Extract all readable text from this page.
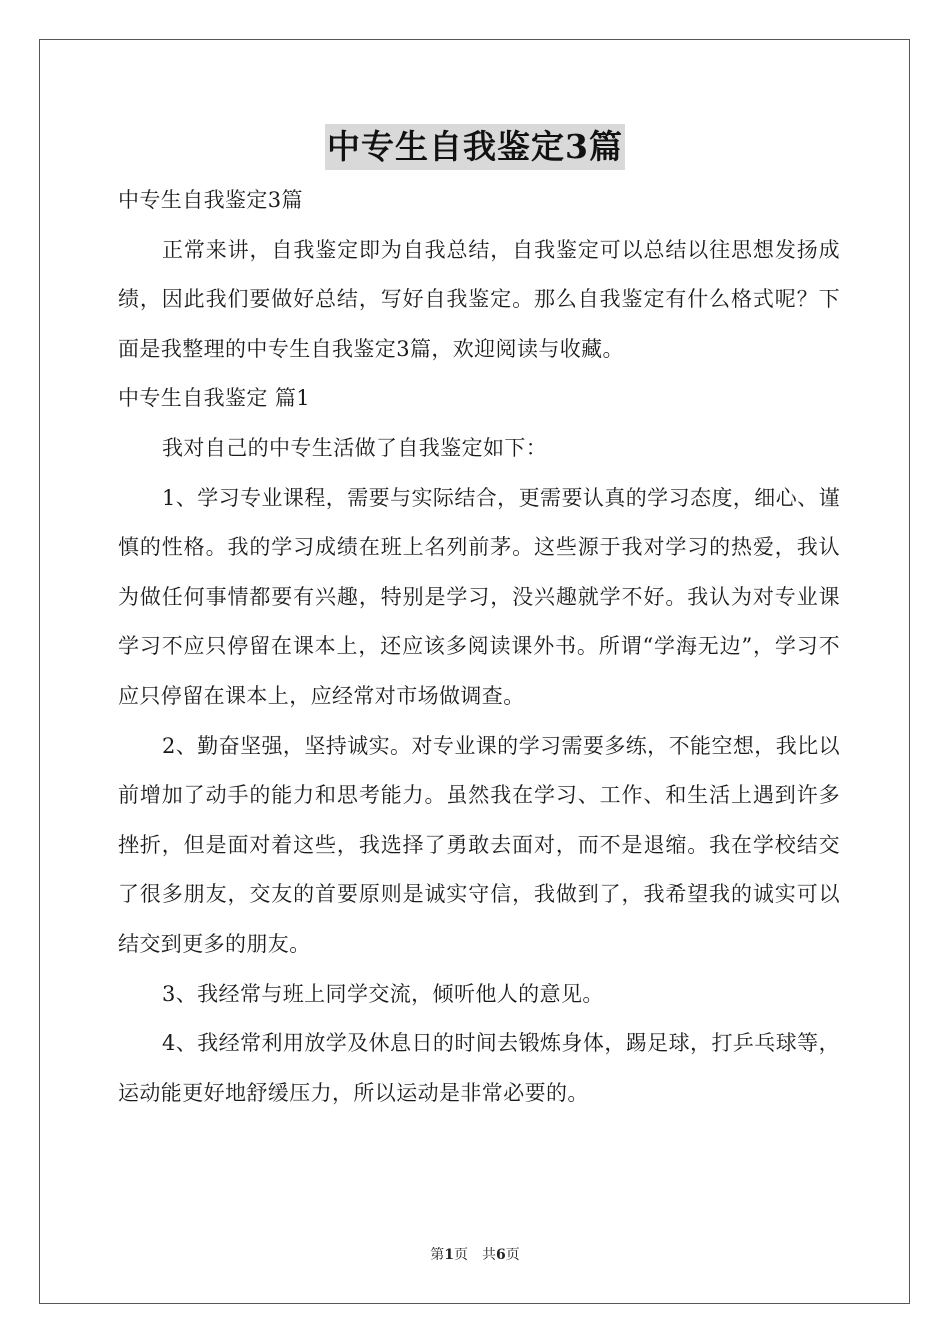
中专生自我鉴定3篇

中专生自我鉴定3篇

正常来讲，自我鉴定即为自我总结，自我鉴定可以总结以往思想发扬成绩，因此我们要做好总结，写好自我鉴定。那么自我鉴定有什么格式呢？下面是我整理的中专生自我鉴定3篇，欢迎阅读与收藏。

中专生自我鉴定 篇1

我对自己的中专生活做了自我鉴定如下：

1、学习专业课程，需要与实际结合，更需要认真的学习态度，细心、谨慎的性格。我的学习成绩在班上名列前茅。这些源于我对学习的热爱，我认为做任何事情都要有兴趣，特别是学习，没兴趣就学不好。我认为对专业课学习不应只停留在课本上，还应该多阅读课外书。所谓“学海无边”，学习不应只停留在课本上，应经常对市场做调查。

2、勤奋坚强，坚持诚实。对专业课的学习需要多练，不能空想，我比以前增加了动手的能力和思考能力。虽然我在学习、工作、和生活上遇到许多挫折，但是面对着这些，我选择了勇敢去面对，而不是退缩。我在学校结交了很多朋友，交友的首要原则是诚实守信，我做到了，我希望我的诚实可以结交到更多的朋友。

3、我经常与班上同学交流，倾听他人的意见。

4、我经常利用放学及休息日的时间去锻炼身体，踢足球，打乒乓球等，运动能更好地舒缓压力，所以运动是非常必要的。

第1页　共6页
